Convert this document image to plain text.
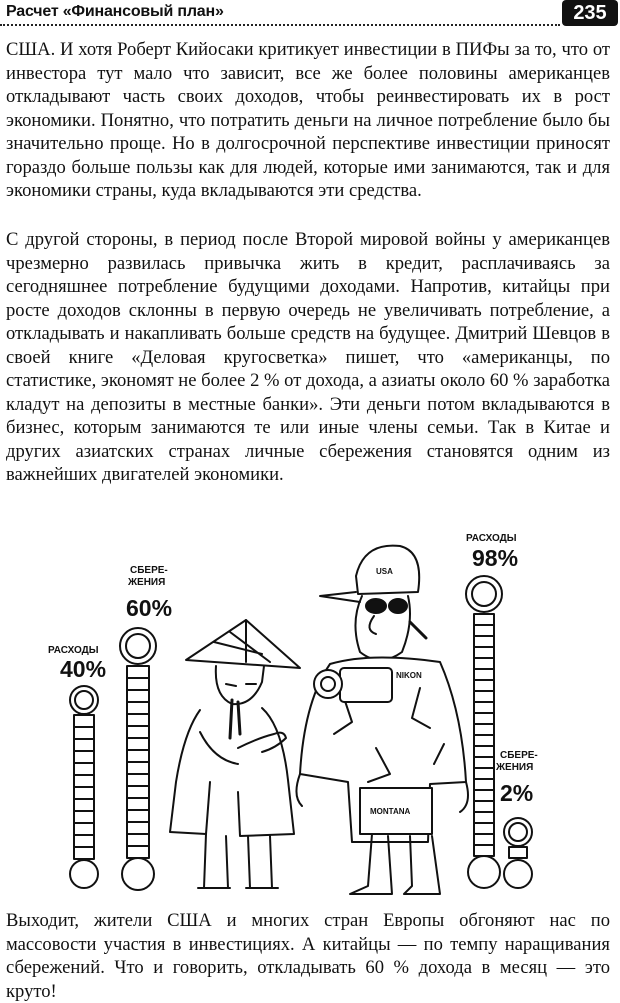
Расчет «Финансовый план»	235

США. И хотя Роберт Кийосаки критикует инвестиции в ПИФы за то, что от инвестора тут мало что зависит, все же более половины американцев откладывают часть своих доходов, чтобы реинвестировать их в рост экономики. Понятно, что потратить деньги на личное потребление было бы значительно проще. Но в долгосрочной перспективе инвестиции приносят гораздо больше пользы как для людей, которые ими занимаются, так и для экономики страны, куда вкладываются эти средства.

С другой стороны, в период после Второй мировой войны у американцев чрезмерно развилась привычка жить в кредит, расплачиваясь за сегодняшнее потребление будущими доходами. Напротив, китайцы при росте доходов склонны в первую очередь не увеличивать потребление, а откладывать и накапливать больше средств на будущее. Дмитрий Шевцов в своей книге «Деловая кругосветка» пишет, что «американцы, по статистике, экономят не более 2 % от дохода, а азиаты около 60 % заработка кладут на депозиты в местные банки». Эти деньги потом вкладываются в бизнес, которым занимаются те или иные члены семьи. Так в Китае и других азиатских странах личные сбережения становятся одним из важнейших двигателей экономики.

РАСХОДЫ
40%
СБЕРЕ-
ЖЕНИЯ
60%
РАСХОДЫ
98%
СБЕРЕ-
ЖЕНИЯ
2%
USA
NIKON
MONTANA

Выходит, жители США и многих стран Европы обгоняют нас по массовости участия в инвестициях. А китайцы — по темпу наращивания сбережений. Что и говорить, откладывать 60 % дохода в месяц — это круто!
